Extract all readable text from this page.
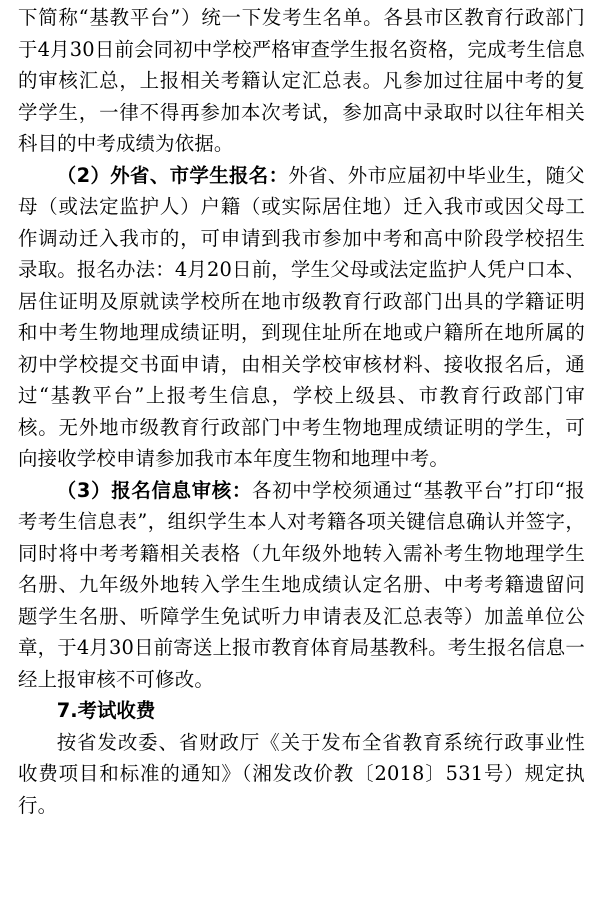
下简称“基教平台”）统一下发考生名单。各县市区教育行政部门于4月30日前会同初中学校严格审查学生报名资格，完成考生信息的审核汇总，上报相关考籍认定汇总表。凡参加过往届中考的复学学生，一律不得再参加本次考试，参加高中录取时以往年相关科目的中考成绩为依据。

（2）外省、市学生报名：外省、外市应届初中毕业生，随父母（或法定监护人）户籍（或实际居住地）迁入我市或因父母工作调动迁入我市的，可申请到我市参加中考和高中阶段学校招生录取。报名办法：4月20日前，学生父母或法定监护人凭户口本、居住证明及原就读学校所在地市级教育行政部门出具的学籍证明和中考生物地理成绩证明，到现住址所在地或户籍所在地所属的初中学校提交书面申请，由相关学校审核材料、接收报名后，通过“基教平台”上报考生信息，学校上级县、市教育行政部门审核。无外地市级教育行政部门中考生物地理成绩证明的学生，可向接收学校申请参加我市本年度生物和地理中考。

（3）报名信息审核：各初中学校须通过“基教平台”打印“报考考生信息表”，组织学生本人对考籍各项关键信息确认并签字，同时将中考考籍相关表格（九年级外地转入需补考生物地理学生名册、九年级外地转入学生生地成绩认定名册、中考考籍遗留问题学生名册、听障学生免试听力申请表及汇总表等）加盖单位公章，于4月30日前寄送上报市教育体育局基教科。考生报名信息一经上报审核不可修改。

7.考试收费

按省发改委、省财政厅《关于发布全省教育系统行政事业性收费项目和标准的通知》（湘发改价教〔2018〕531号）规定执行。
